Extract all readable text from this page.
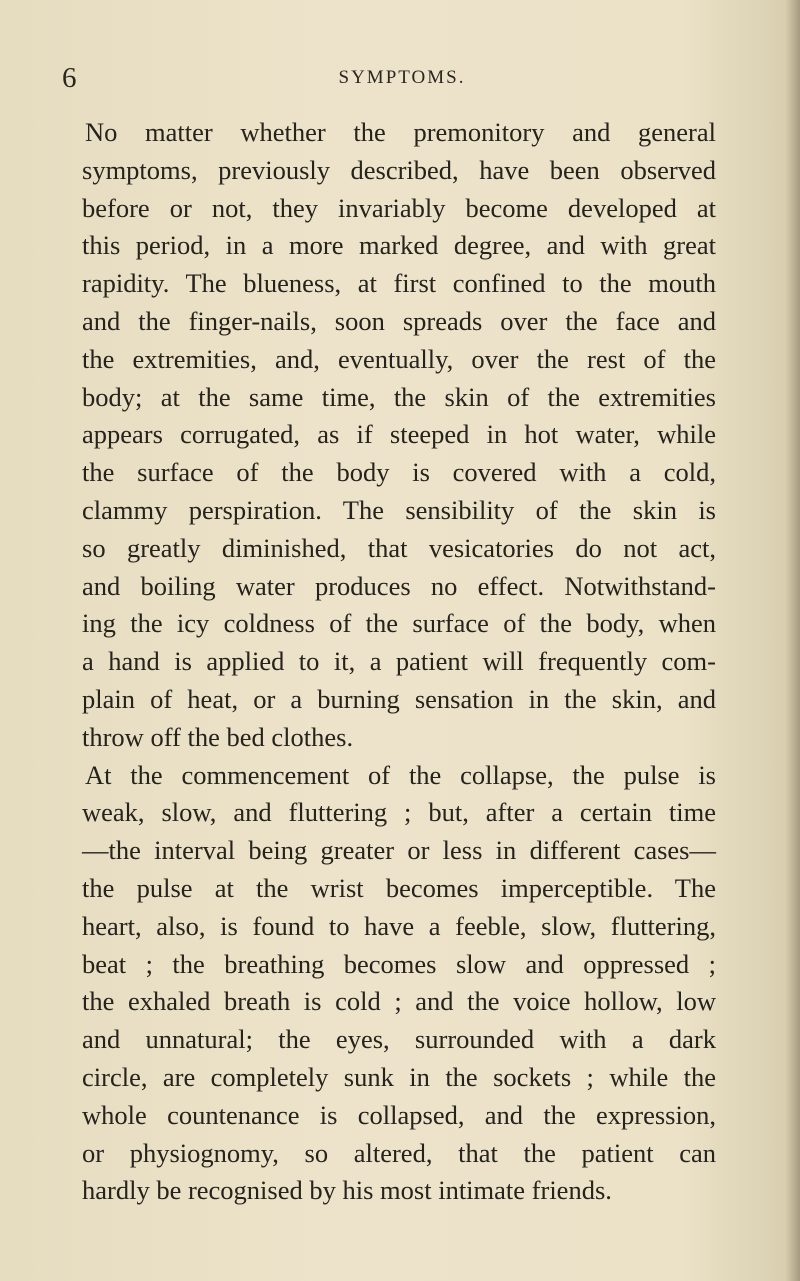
6	SYMPTOMS.
No matter whether the premonitory and general
symptoms, previously described, have been observed
before or not, they invariably become developed at
this period, in a more marked degree, and with great
rapidity. The blueness, at first confined to the mouth
and the finger-nails, soon spreads over the face and
the extremities, and, eventually, over the rest of the
body; at the same time, the skin of the extremities
appears corrugated, as if steeped in hot water, while
the surface of the body is covered with a cold,
clammy perspiration. The sensibility of the skin is
so greatly diminished, that vesicatories do not act,
and boiling water produces no effect. Notwithstand-
ing the icy coldness of the surface of the body, when
a hand is applied to it, a patient will frequently com-
plain of heat, or a burning sensation in the skin, and
throw off the bed clothes.
At the commencement of the collapse, the pulse is
weak, slow, and fluttering ; but, after a certain time
—the interval being greater or less in different cases—
the pulse at the wrist becomes imperceptible. The
heart, also, is found to have a feeble, slow, fluttering,
beat ; the breathing becomes slow and oppressed ;
the exhaled breath is cold ; and the voice hollow, low
and unnatural; the eyes, surrounded with a dark
circle, are completely sunk in the sockets ; while the
whole countenance is collapsed, and the expression,
or physiognomy, so altered, that the patient can
hardly be recognised by his most intimate friends.
